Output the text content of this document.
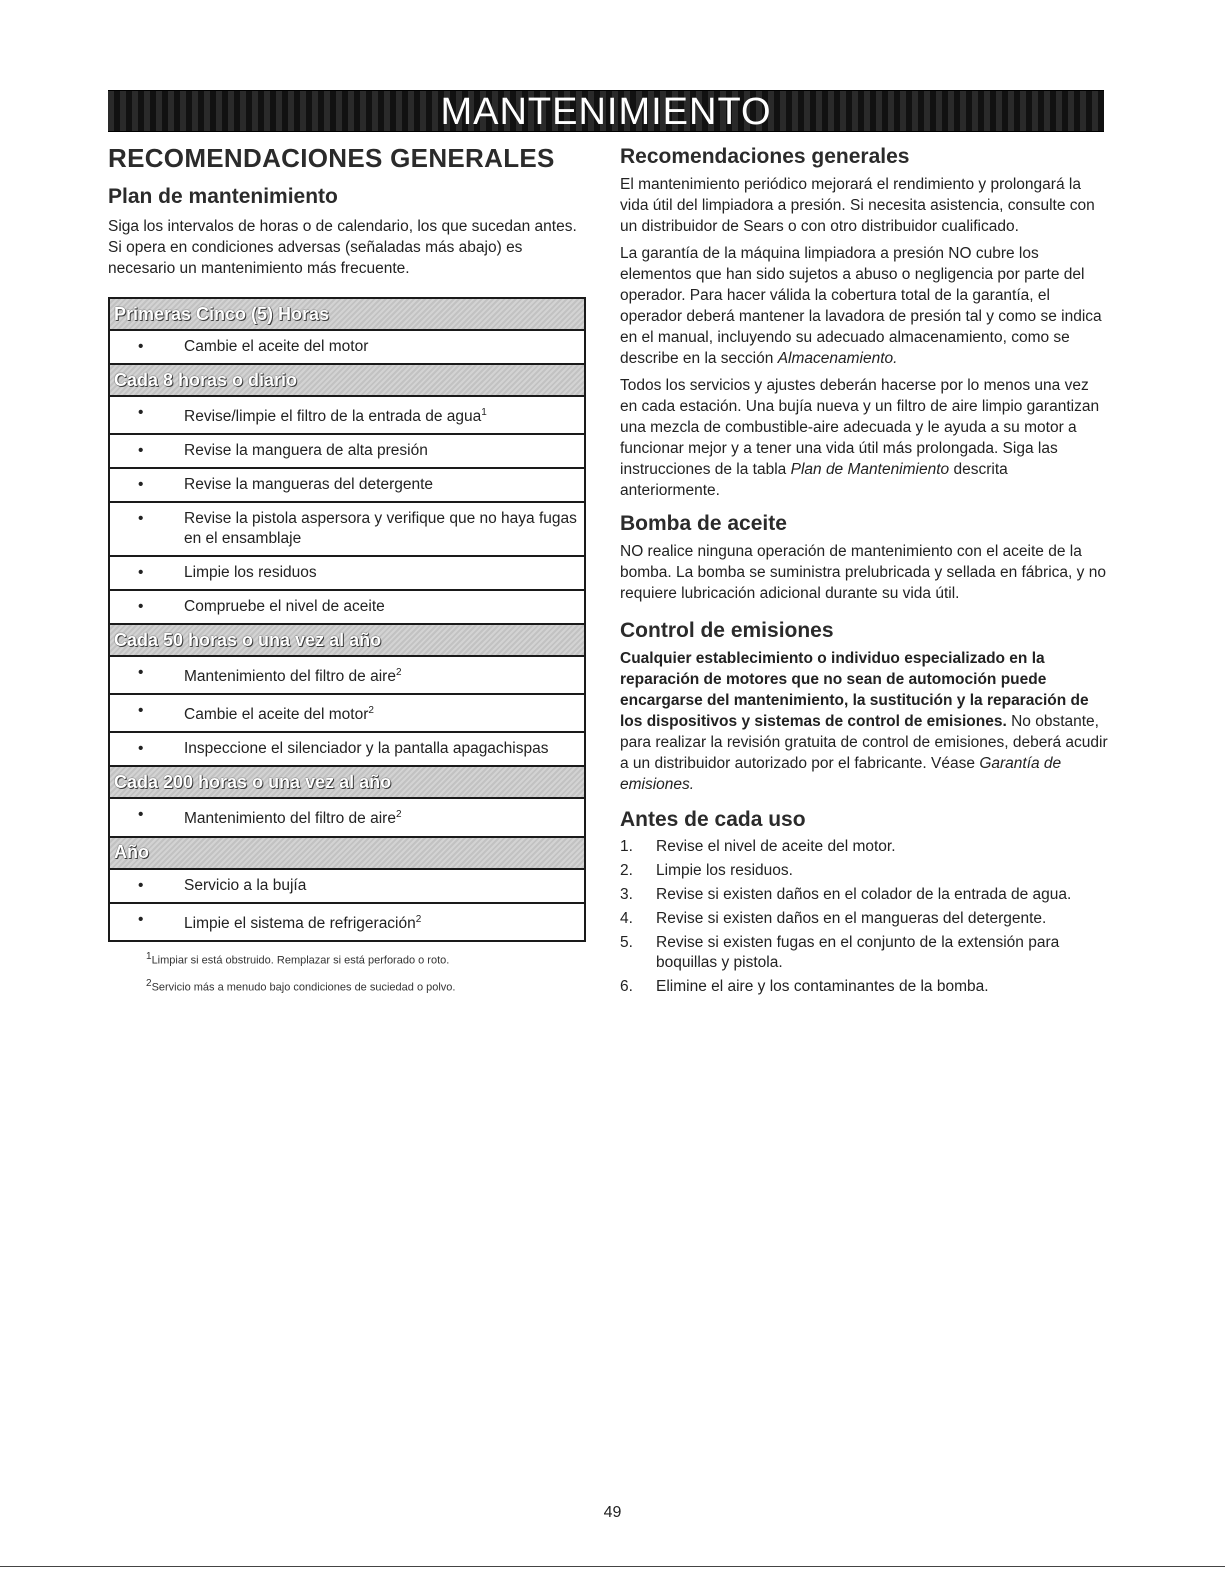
MANTENIMIENTO
RECOMENDACIONES GENERALES
Plan de mantenimiento

Siga los intervalos de horas o de calendario, los que sucedan antes. Si opera en condiciones adversas (señaladas más abajo) es necesario un mantenimiento más frecuente.

Primeras Cinco (5) Horas

•	Cambie el aceite del motor

Cada 8 horas o diario

•	Revise/limpie el filtro de la entrada de agua$^1$

•	Revise la manguera de alta presión

•	Revise la mangueras del detergente

•	Revise la pistola aspersora y verifique que no haya fugas en el ensamblaje

•	Limpie los residuos

•	Compruebe el nivel de aceite

Cada 50 horas o una vez al año

•	Mantenimiento del filtro de aire$^2$

•	Cambie el aceite del motor$^2$

•	Inspeccione el silenciador y la pantalla apagachispas

Cada 200 horas o una vez al año

•	Mantenimiento del filtro de aire$^2$

Año

•	Servicio a la bujía

•	Limpie el sistema de refrigeración$^2$
$^1$Limpiar si está obstruido. Remplazar si está perforado o roto.
$^2$Servicio más a menudo bajo condiciones de suciedad o polvo.
Recomendaciones generales

El mantenimiento periódico mejorará el rendimiento y prolongará la vida útil del limpiadora a presión. Si necesita asistencia, consulte con un distribuidor de Sears o con otro distribuidor cualificado.

La garantía de la máquina limpiadora a presión NO cubre los elementos que han sido sujetos a abuso o negligencia por parte del operador. Para hacer válida la cobertura total de la garantía, el operador deberá mantener la lavadora de presión tal y como se indica en el manual, incluyendo su adecuado almacenamiento, como se describe en la sección Almacenamiento.

Todos los servicios y ajustes deberán hacerse por lo menos una vez en cada estación. Una bujía nueva y un filtro de aire limpio garantizan una mezcla de combustible-aire adecuada y le ayuda a su motor a funcionar mejor y a tener una vida útil más prolongada. Siga las instrucciones de la tabla Plan de Mantenimiento descrita anteriormente.

Bomba de aceite

NO realice ninguna operación de mantenimiento con el aceite de la bomba. La bomba se suministra prelubricada y sellada en fábrica, y no requiere lubricación adicional durante su vida útil.

Control de emisiones

Cualquier establecimiento o individuo especializado en la reparación de motores que no sean de automoción puede encargarse del mantenimiento, la sustitución y la reparación de los dispositivos y sistemas de control de emisiones. No obstante, para realizar la revisión gratuita de control de emisiones, deberá acudir a un distribuidor autorizado por el fabricante. Véase Garantía de emisiones.

Antes de cada uso
1.	Revise el nivel de aceite del motor.
2.	Limpie los residuos.
3.	Revise si existen daños en el colador de la entrada de agua.
4.	Revise si existen daños en el mangueras del detergente.
5.	Revise si existen fugas en el conjunto de la extensión para boquillas y pistola.
6.	Elimine el aire y los contaminantes de la bomba.
49
